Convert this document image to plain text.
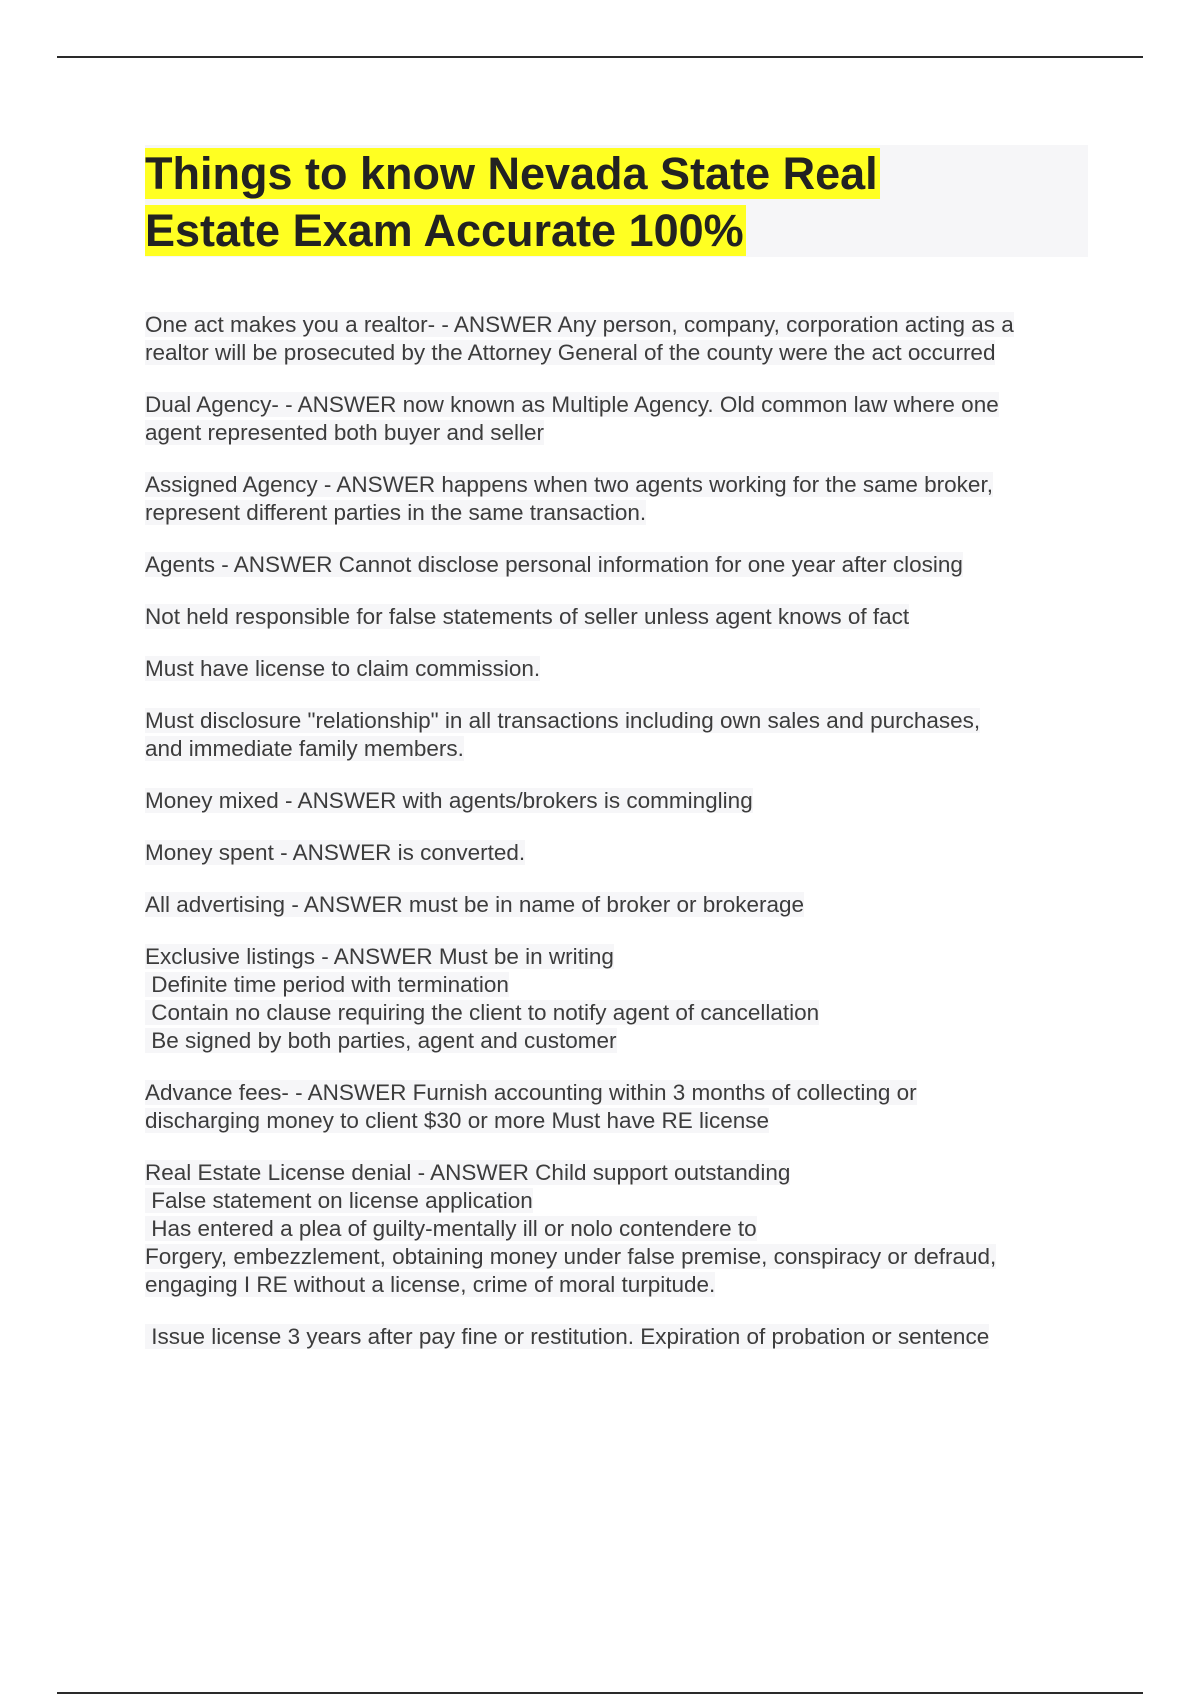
Things to know Nevada State Real
Estate Exam Accurate 100%

One act makes you a realtor- - ANSWER Any person, company, corporation acting as a
realtor will be prosecuted by the Attorney General of the county were the act occurred

Dual Agency- - ANSWER now known as Multiple Agency. Old common law where one
agent represented both buyer and seller

Assigned Agency - ANSWER happens when two agents working for the same broker,
represent different parties in the same transaction.

Agents - ANSWER Cannot disclose personal information for one year after closing

Not held responsible for false statements of seller unless agent knows of fact

Must have license to claim commission.

Must disclosure "relationship" in all transactions including own sales and purchases,
and immediate family members.

Money mixed - ANSWER with agents/brokers is commingling

Money spent - ANSWER is converted.

All advertising - ANSWER must be in name of broker or brokerage

Exclusive listings - ANSWER Must be in writing
Definite time period with termination
Contain no clause requiring the client to notify agent of cancellation
Be signed by both parties, agent and customer

Advance fees- - ANSWER Furnish accounting within 3 months of collecting or
discharging money to client $30 or more Must have RE license

Real Estate License denial - ANSWER Child support outstanding
False statement on license application
Has entered a plea of guilty-mentally ill or nolo contendere to
Forgery, embezzlement, obtaining money under false premise, conspiracy or defraud,
engaging I RE without a license, crime of moral turpitude.

Issue license 3 years after pay fine or restitution. Expiration of probation or sentence
